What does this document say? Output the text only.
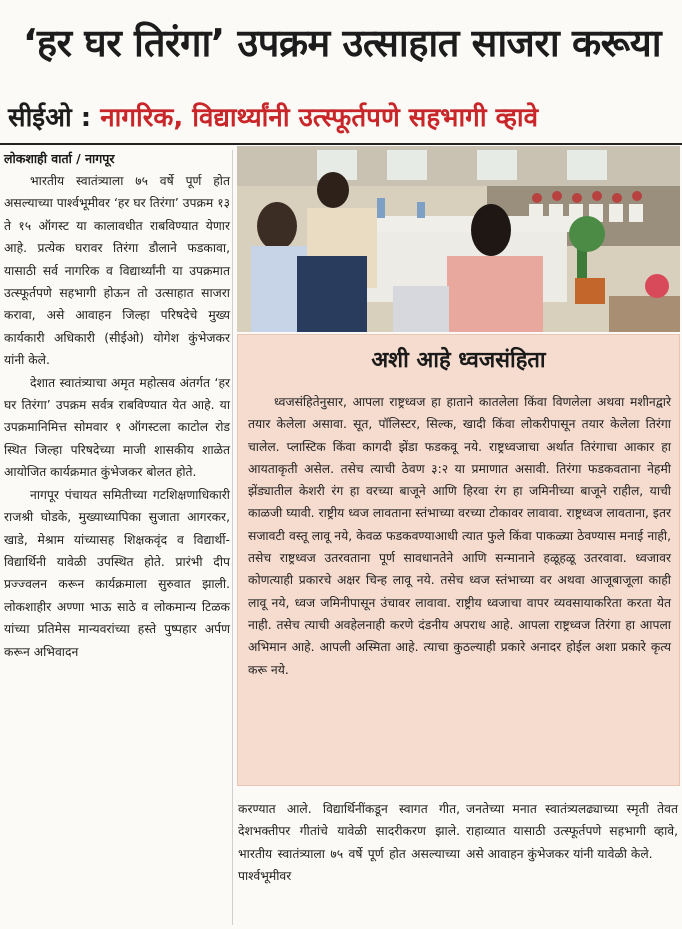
‘हर घर तिरंगा’ उपक्रम उत्साहात साजरा करूया
सीईओ : नागरिक, विद्यार्थ्यांनी उत्स्फूर्तपणे सहभागी व्हावे
लोकशाही वार्ता / नागपूर

भारतीय स्वातंत्र्याला ७५ वर्षे पूर्ण होत असल्याच्या पार्श्वभूमीवर ‘हर घर तिरंगा’ उपक्रम १३ ते १५ ऑगस्ट या कालावधीत राबविण्यात येणार आहे. प्रत्येक घरावर तिरंगा डौलाने फडकावा, यासाठी सर्व नागरिक व विद्यार्थ्यांनी या उपक्रमात उत्स्फूर्तपणे सहभागी होऊन तो उत्साहात साजरा करावा, असे आवाहन जिल्हा परिषदेचे मुख्य कार्यकारी अधिकारी (सीईओ) योगेश कुंभेजकर यांनी केले.

देशात स्वातंत्र्याचा अमृत महोत्सव अंतर्गत ‘हर घर तिरंगा’ उपक्रम सर्वत्र राबविण्यात येत आहे. या उपक्रमानिमित्त सोमवार १ ऑगस्टला काटोल रोड स्थित जिल्हा परिषदेच्या माजी शासकीय शाळेत आयोजित कार्यक्रमात कुंभेजकर बोलत होते.

नागपूर पंचायत समितीच्या गटशिक्षणाधिकारी राजश्री घोडके, मुख्याध्यापिका सुजाता आगरकर, खाडे, मेश्राम यांच्यासह शिक्षकवृंद व विद्यार्थी-विद्यार्थिनी यावेळी उपस्थित होते. प्रारंभी दीप प्रज्ज्वलन करून कार्यक्रमाला सुरुवात झाली. लोकशाहीर अण्णा भाऊ साठे व लोकमान्य टिळक यांच्या प्रतिमेस मान्यवरांच्या हस्ते पुष्पहार अर्पण करून अभिवादन

अशी आहे ध्वजसंहिता

ध्वजसंहितेनुसार, आपला राष्ट्रध्वज हा हाताने कातलेला किंवा विणलेला अथवा मशीनद्वारे तयार केलेला असावा. सूत, पॉलिस्टर, सिल्क, खादी किंवा लोकरीपासून तयार केलेला तिरंगा चालेल. प्लास्टिक किंवा कागदी झेंडा फडकवू नये. राष्ट्रध्वजाचा अर्थात तिरंगाचा आकार हा आयताकृती असेल. तसेच त्याची ठेवण ३:२ या प्रमाणात असावी. तिरंगा फडकवताना नेहमी झेंड्यातील केशरी रंग हा वरच्या बाजूने आणि हिरवा रंग हा जमिनीच्या बाजूने राहील, याची काळजी घ्यावी. राष्ट्रीय ध्वज लावताना स्तंभाच्या वरच्या टोकावर लावावा. राष्ट्रध्वज लावताना, इतर सजावटी वस्तू लावू नये, केवळ फडकवण्याआधी त्यात फुले किंवा पाकळ्या ठेवण्यास मनाई नाही, तसेच राष्ट्रध्वज उतरवताना पूर्ण सावधानतेने आणि सन्मानाने हळूहळू उतरवावा. ध्वजावर कोणत्याही प्रकारचे अक्षर चिन्ह लावू नये. तसेच ध्वज स्तंभाच्या वर अथवा आजूबाजूला काही लावू नये, ध्वज जमिनीपासून उंचावर लावावा. राष्ट्रीय ध्वजाचा वापर व्यवसायाकरिता करता येत नाही. तसेच त्याची अवहेलनाही करणे दंडनीय अपराध आहे. आपला राष्ट्रध्वज तिरंगा हा आपला अभिमान आहे. आपली अस्मिता आहे. त्याचा कुठल्याही प्रकारे अनादर होईल अशा प्रकारे कृत्य करू नये.

करण्यात आले. विद्यार्थिनींकडून स्वागत गीत, देशभक्तीपर गीतांचे यावेळी सादरीकरण झाले. भारतीय स्वातंत्र्याला ७५ वर्षे पूर्ण होत असल्याच्या पार्श्वभूमीवर

जनतेच्या मनात स्वातंत्र्यलढ्याच्या स्मृती तेवत राहाव्यात यासाठी उत्स्फूर्तपणे सहभागी व्हावे, असे आवाहन कुंभेजकर यांनी यावेळी केले.
